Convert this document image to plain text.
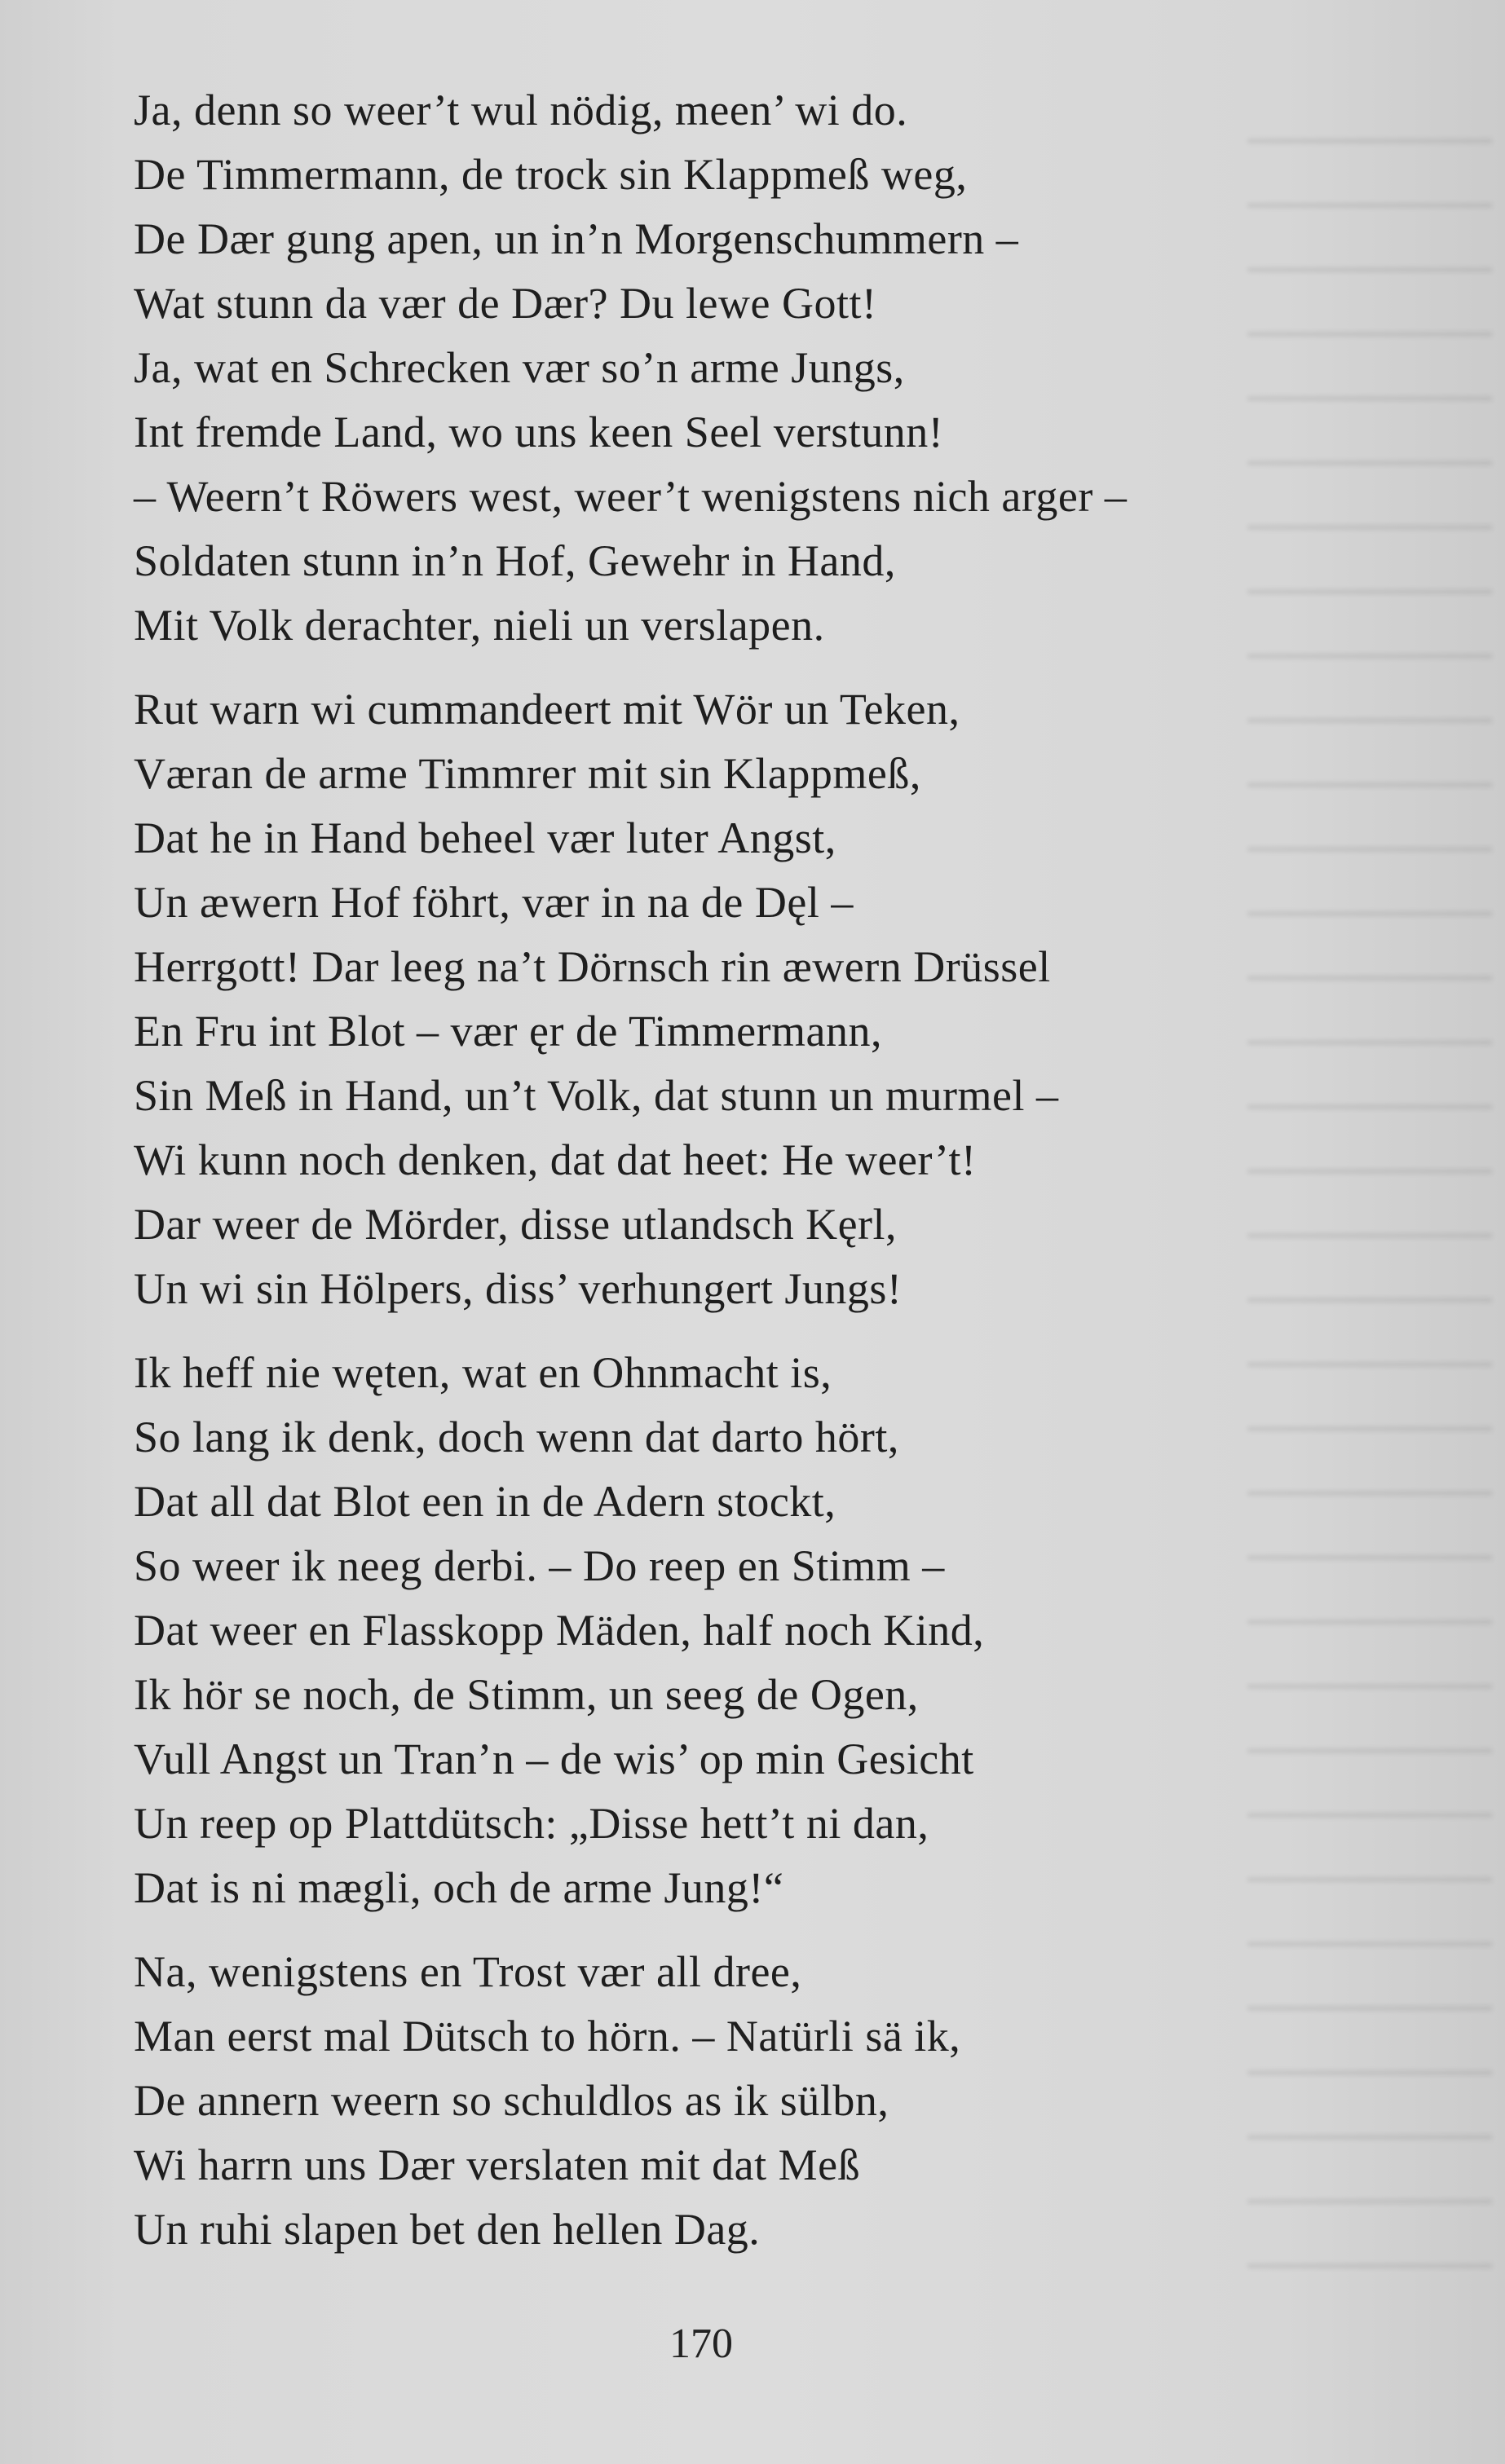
Ja, denn so weer’t wul nödig, meen’ wi do.
De Timmermann, de trock sin Klappmeß weg,
De Dær gung apen, un in’n Morgenschummern –
Wat stunn da vær de Dær? Du lewe Gott!
Ja, wat en Schrecken vær so’n arme Jungs,
Int fremde Land, wo uns keen Seel verstunn!
– Weern’t Röwers west, weer’t wenigstens nich arger –
Soldaten stunn in’n Hof, Gewehr in Hand,
Mit Volk derachter, nieli un verslapen.
Rut warn wi cummandeert mit Wör un Teken,
Væran de arme Timmrer mit sin Klappmeß,
Dat he in Hand beheel vær luter Angst,
Un æwern Hof föhrt, vær in na de Dęl –
Herrgott! Dar leeg na’t Dörnsch rin æwern Drüssel
En Fru int Blot – vær ęr de Timmermann,
Sin Meß in Hand, un’t Volk, dat stunn un murmel –
Wi kunn noch denken, dat dat heet: He weer’t!
Dar weer de Mörder, disse utlandsch Kęrl,
Un wi sin Hölpers, diss’ verhungert Jungs!
Ik heff nie węten, wat en Ohnmacht is,
So lang ik denk, doch wenn dat darto hört,
Dat all dat Blot een in de Adern stockt,
So weer ik neeg derbi. – Do reep en Stimm –
Dat weer en Flasskopp Mäden, half noch Kind,
Ik hör se noch, de Stimm, un seeg de Ogen,
Vull Angst un Tran’n – de wis’ op min Gesicht
Un reep op Plattdütsch: „Disse hett’t ni dan,
Dat is ni mægli, och de arme Jung!“
Na, wenigstens en Trost vær all dree,
Man eerst mal Dütsch to hörn. – Natürli sä ik,
De annern weern so schuldlos as ik sülbn,
Wi harrn uns Dær verslaten mit dat Meß
Un ruhi slapen bet den hellen Dag.
170
